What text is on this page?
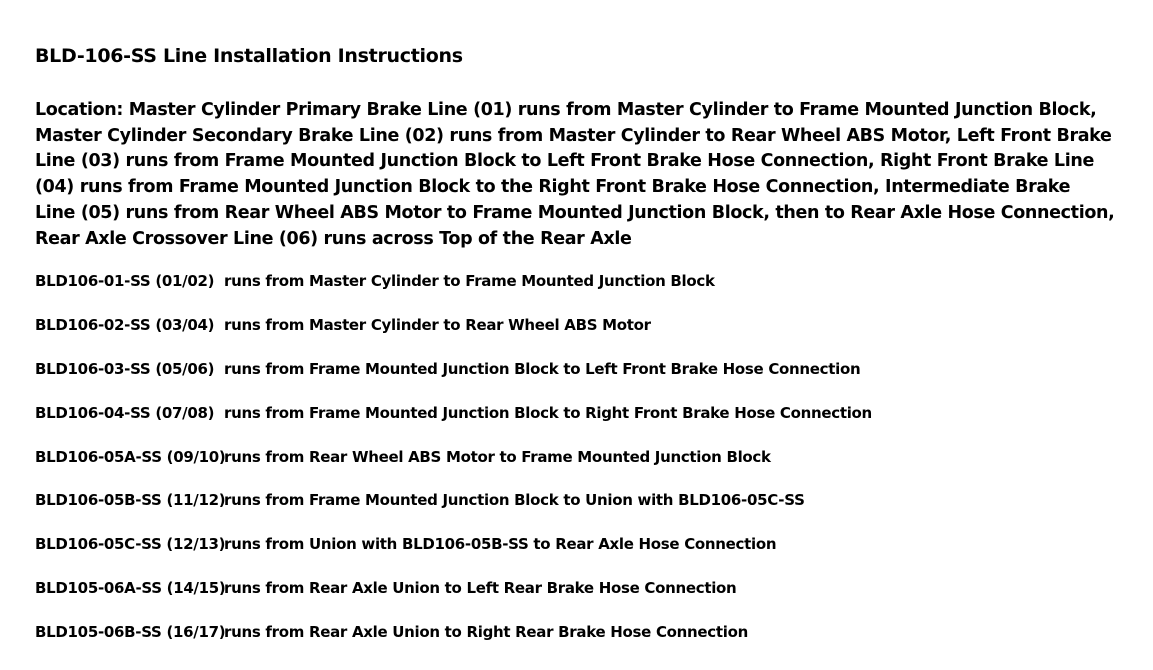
BLD-106-SS Line Installation Instructions
Location: Master Cylinder Primary Brake Line (01) runs from Master Cylinder to Frame Mounted Junction Block, Master Cylinder Secondary Brake Line (02) runs from Master Cylinder to Rear Wheel ABS Motor, Left Front Brake Line (03) runs from Frame Mounted Junction Block to Left Front Brake Hose Connection, Right Front Brake Line (04) runs from Frame Mounted Junction Block to the Right Front Brake Hose Connection, Intermediate Brake Line (05) runs from Rear Wheel ABS Motor to Frame Mounted Junction Block, then to Rear Axle Hose Connection, Rear Axle Crossover Line (06) runs across Top of the Rear Axle
BLD106-01-SS (01/02) runs from Master Cylinder to Frame Mounted Junction Block
BLD106-02-SS (03/04) runs from Master Cylinder to Rear Wheel ABS Motor
BLD106-03-SS (05/06) runs from Frame Mounted Junction Block to Left Front Brake Hose Connection
BLD106-04-SS (07/08) runs from Frame Mounted Junction Block to Right Front Brake Hose Connection
BLD106-05A-SS (09/10)
runs from Rear Wheel ABS Motor to Frame Mounted Junction Block
BLD106-05B-SS (11/12)
runs from Frame Mounted Junction Block to Union with BLD106-05C-SS
BLD106-05C-SS (12/13)
runs from Union with BLD106-05B-SS to Rear Axle Hose Connection
BLD105-06A-SS (14/15)
runs from Rear Axle Union to Left Rear Brake Hose Connection
BLD105-06B-SS (16/17)
runs from Rear Axle Union to Right Rear Brake Hose Connection
